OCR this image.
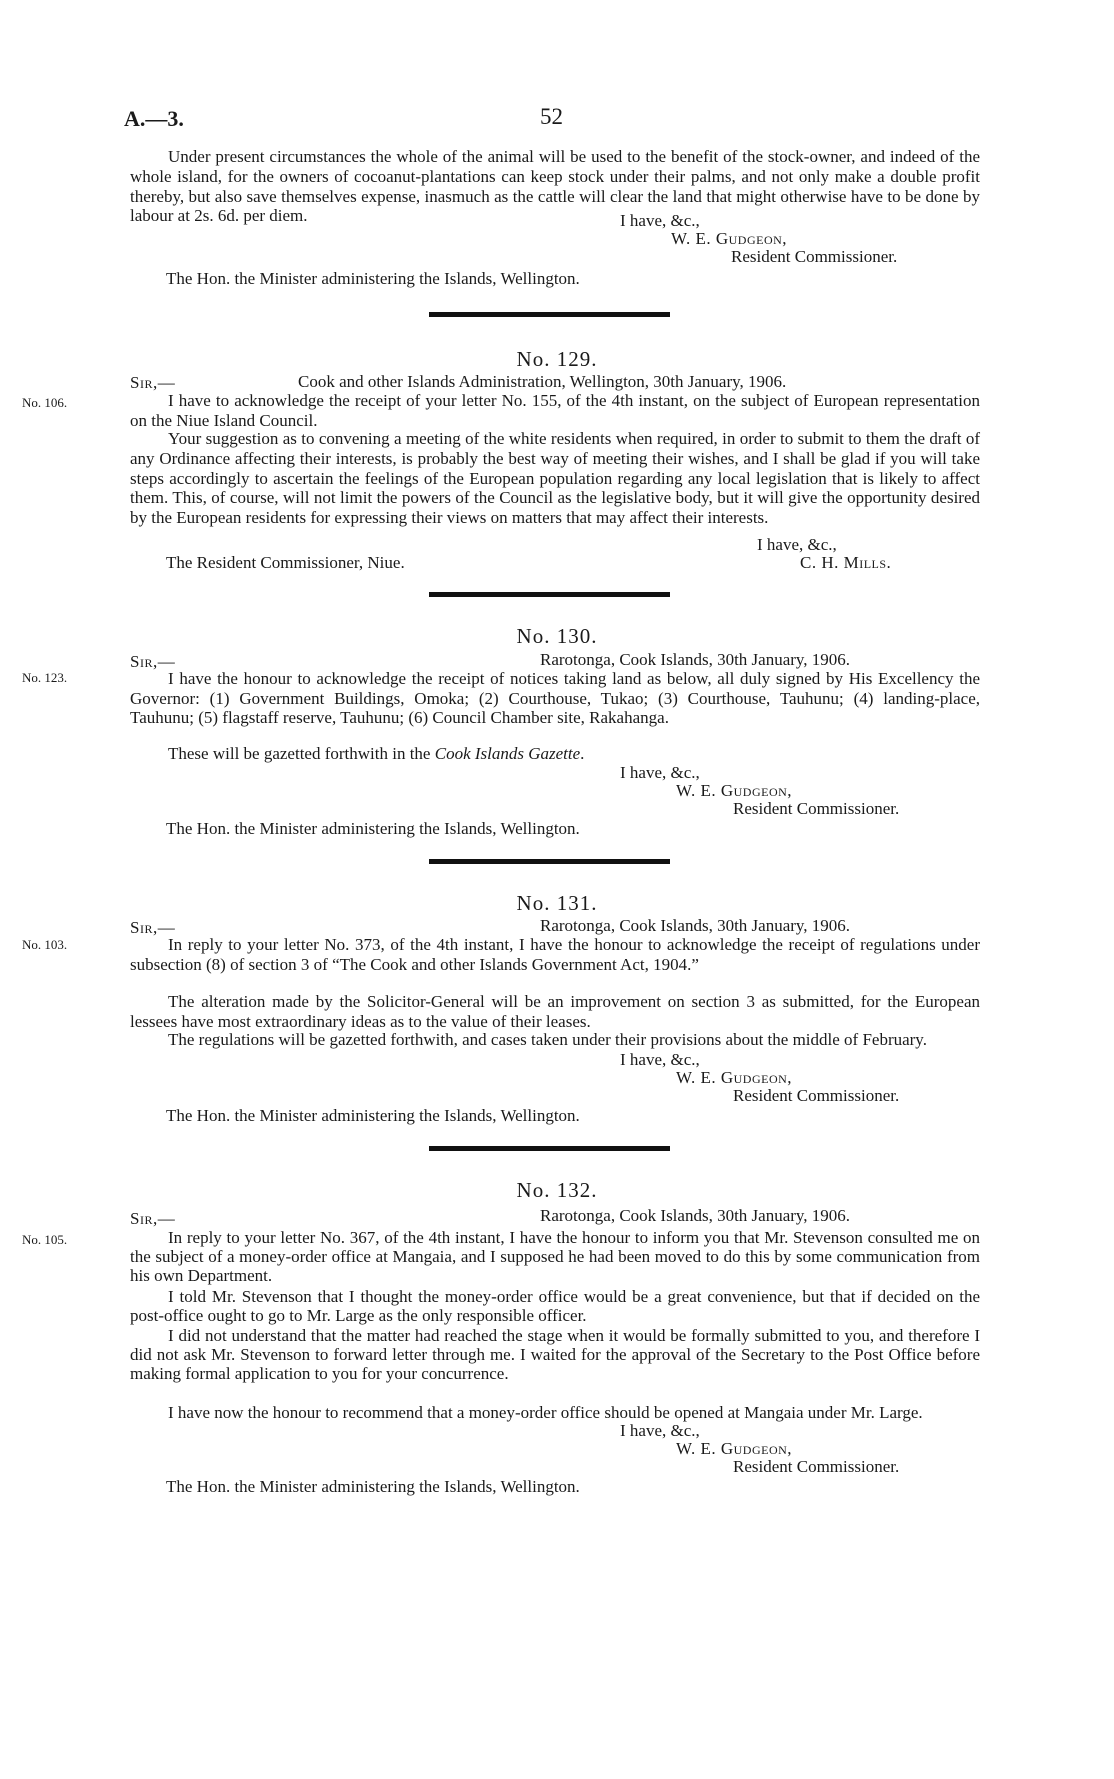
A.—3.	52

Under present circumstances the whole of the animal will be used to the benefit of the stock-owner, and indeed of the whole island, for the owners of cocoanut-plantations can keep stock under their palms, and not only make a double profit thereby, but also save themselves expense, inasmuch as the cattle will clear the land that might otherwise have to be done by labour at 2s. 6d. per diem.	I have, &c.,
W. E. Gudgeon,
Resident Commissioner.
The Hon. the Minister administering the Islands, Wellington.
No. 129.
No. 106.
Sir,—	Cook and other Islands Administration, Wellington, 30th January, 1906.

I have to acknowledge the receipt of your letter No. 155, of the 4th instant, on the subject of European representation on the Niue Island Council.

Your suggestion as to convening a meeting of the white residents when required, in order to submit to them the draft of any Ordinance affecting their interests, is probably the best way of meeting their wishes, and I shall be glad if you will take steps accordingly to ascertain the feelings of the European population regarding any local legislation that is likely to affect them. This, of course, will not limit the powers of the Council as the legislative body, but it will give the opportunity desired by the European residents for expressing their views on matters that may affect their interests.

I have, &c.,
The Resident Commissioner, Niue.	C. H. Mills.
No. 130.
No. 123.
Sir,—	Rarotonga, Cook Islands, 30th January, 1906.

I have the honour to acknowledge the receipt of notices taking land as below, all duly signed by His Excellency the Governor: (1) Government Buildings, Omoka; (2) Courthouse, Tukao; (3) Courthouse, Tauhunu; (4) landing-place, Tauhunu; (5) flagstaff reserve, Tauhunu; (6) Council Chamber site, Rakahanga.

These will be gazetted forthwith in the Cook Islands Gazette.
I have, &c.,
W. E. Gudgeon,
Resident Commissioner.
The Hon. the Minister administering the Islands, Wellington.
No. 131.
No. 103.
Sir,—	Rarotonga, Cook Islands, 30th January, 1906.

In reply to your letter No. 373, of the 4th instant, I have the honour to acknowledge the receipt of regulations under subsection (8) of section 3 of “The Cook and other Islands Government Act, 1904.”

The alteration made by the Solicitor-General will be an improvement on section 3 as submitted, for the European lessees have most extraordinary ideas as to the value of their leases.

The regulations will be gazetted forthwith, and cases taken under their provisions about the middle of February.

I have, &c.,
W. E. Gudgeon,
Resident Commissioner.
The Hon. the Minister administering the Islands, Wellington.
No. 132.
No. 105.
Sir,—	Rarotonga, Cook Islands, 30th January, 1906.

In reply to your letter No. 367, of the 4th instant, I have the honour to inform you that Mr. Stevenson consulted me on the subject of a money-order office at Mangaia, and I supposed he had been moved to do this by some communication from his own Department.

I told Mr. Stevenson that I thought the money-order office would be a great convenience, but that if decided on the post-office ought to go to Mr. Large as the only responsible officer.

I did not understand that the matter had reached the stage when it would be formally submitted to you, and therefore I did not ask Mr. Stevenson to forward letter through me. I waited for the approval of the Secretary to the Post Office before making formal application to you for your concurrence.

I have now the honour to recommend that a money-order office should be opened at Mangaia under Mr. Large.

I have, &c.,
W. E. Gudgeon,
Resident Commissioner.
The Hon. the Minister administering the Islands, Wellington.
